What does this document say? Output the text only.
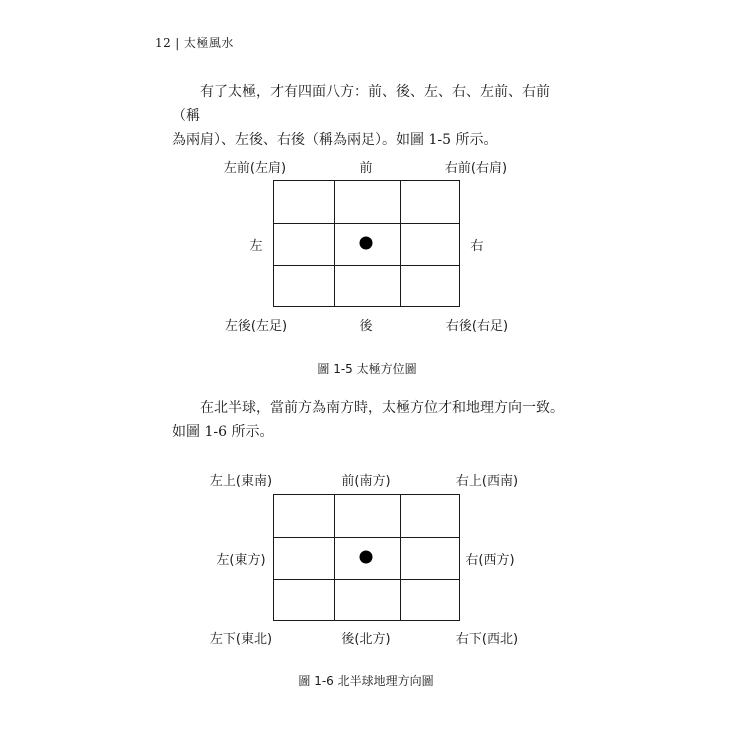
12 | 太極風水

有了太極，才有四面八方：前、後、左、右、左前、右前（稱

為兩肩）、左後、右後（稱為兩足）。如圖 1-5 所示。
左前(左肩)	前	右前(右肩)
左	右
左後(左足)	後	右後(右足)
圖 1-5 太極方位圖

在北半球，當前方為南方時，太極方位才和地理方向一致。

如圖 1-6 所示。
左上(東南)	前(南方)	右上(西南)
左(東方)	右(西方)
左下(東北)	後(北方)	右下(西北)
圖 1-6 北半球地理方向圖
